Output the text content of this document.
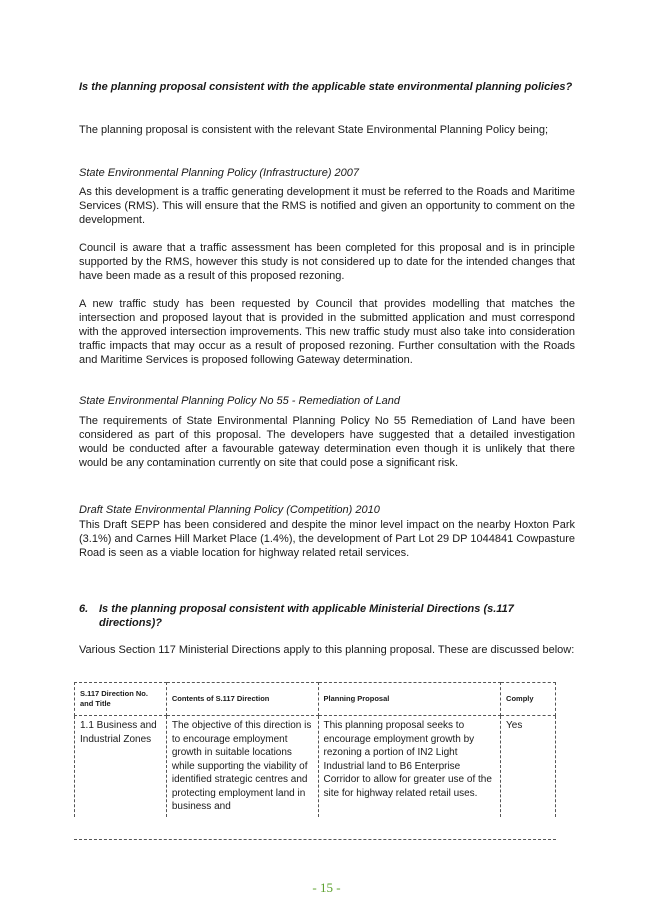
Is the planning proposal consistent with the applicable state environmental planning policies?

The planning proposal is consistent with the relevant State Environmental Planning Policy being;

State Environmental Planning Policy (Infrastructure) 2007

As this development is a traffic generating development it must be referred to the Roads and Maritime Services (RMS). This will ensure that the RMS is notified and given an opportunity to comment on the development.

Council is aware that a traffic assessment has been completed for this proposal and is in principle supported by the RMS, however this study is not considered up to date for the intended changes that have been made as a result of this proposed rezoning.

A new traffic study has been requested by Council that provides modelling that matches the intersection and proposed layout that is provided in the submitted application and must correspond with the approved intersection improvements. This new traffic study must also take into consideration traffic impacts that may occur as a result of proposed rezoning. Further consultation with the Roads and Maritime Services is proposed following Gateway determination.

State Environmental Planning Policy No 55 - Remediation of Land

The requirements of State Environmental Planning Policy No 55 Remediation of Land have been considered as part of this proposal. The developers have suggested that a detailed investigation would be conducted after a favourable gateway determination even though it is unlikely that there would be any contamination currently on site that could pose a significant risk.

Draft State Environmental Planning Policy (Competition) 2010

This Draft SEPP has been considered and despite the minor level impact on the nearby Hoxton Park (3.1%) and Carnes Hill Market Place (1.4%), the development of Part Lot 29 DP 1044841 Cowpasture Road is seen as a viable location for highway related retail services.

6. Is the planning proposal consistent with applicable Ministerial Directions (s.117 directions)?

Various Section 117 Ministerial Directions apply to this planning proposal. These are discussed below:

S.117 Direction No. and Title	Contents of S.117 Direction	Planning Proposal	Comply
1.1 Business and Industrial Zones	The objective of this direction is to encourage employment growth in suitable locations while supporting the viability of identified strategic centres and protecting employment land in business and	This planning proposal seeks to encourage employment growth by rezoning a portion of IN2 Light Industrial land to B6 Enterprise Corridor to allow for greater use of the site for highway related retail uses.	Yes
- 15 -
